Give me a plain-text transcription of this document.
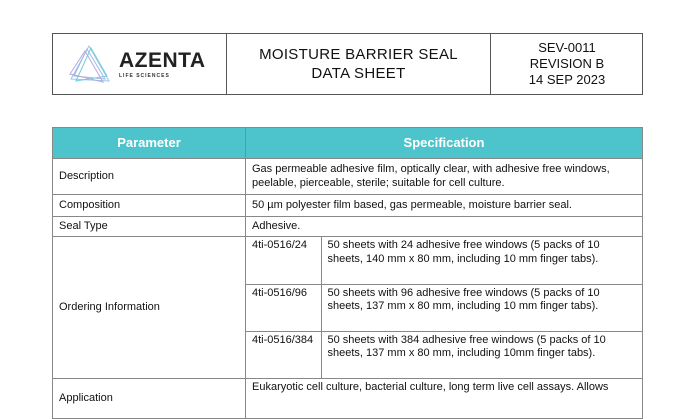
AZENTA
LIFE SCIENCES
MOISTURE BARRIER SEAL
DATA SHEET
SEV-0011
REVISION B
14 SEP 2023
Parameter	Specification
Description	Gas permeable adhesive film, optically clear, with adhesive free windows, peelable, pierceable, sterile; suitable for cell culture.
Composition	50 µm polyester film based, gas permeable, moisture barrier seal.
Seal Type	Adhesive.
Ordering Information	
4ti-0516/24	50 sheets with 24 adhesive free windows (5 packs of 10 sheets, 140 mm x 80 mm, including 10 mm finger tabs).
4ti-0516/96	50 sheets with 96 adhesive free windows (5 packs of 10 sheets, 137 mm x 80 mm, including 10 mm finger tabs).
4ti-0516/384	50 sheets with 384 adhesive free windows (5 packs of 10 sheets, 137 mm x 80 mm, including 10mm finger tabs).

Application	Eukaryotic cell culture, bacterial culture, long term live cell assays. Allows
